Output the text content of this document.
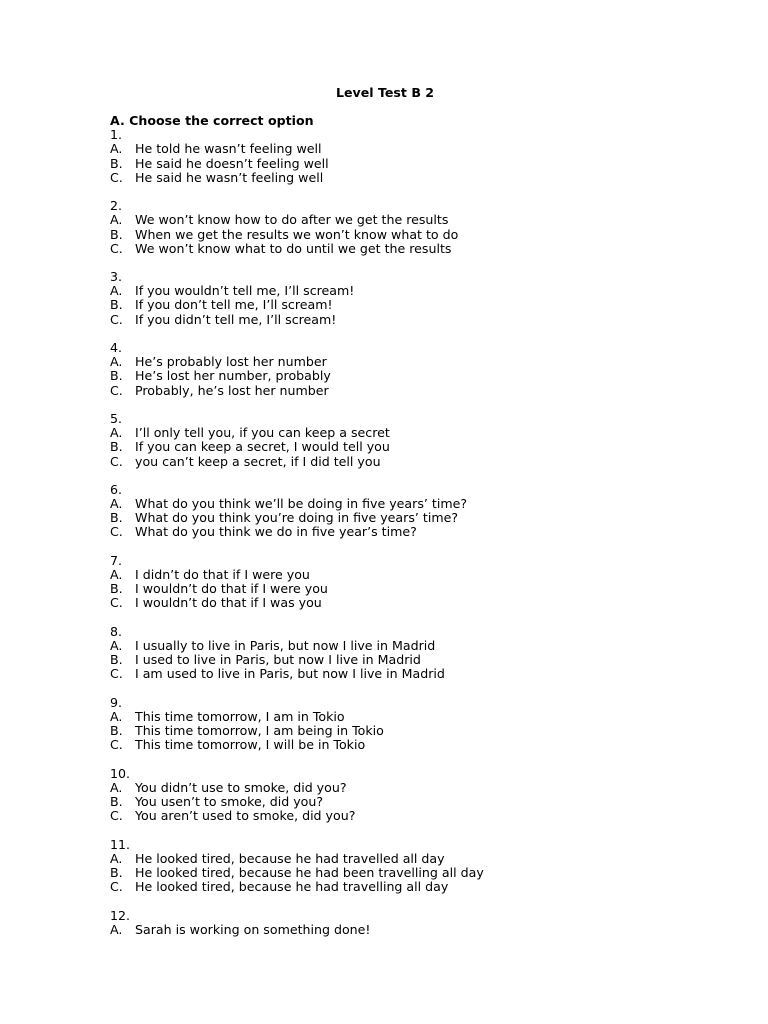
Level Test B 2
A. Choose the correct option
1.
A. He told he wasn’t feeling well
B. He said he doesn’t feeling well
C. He said he wasn’t feeling well
2.
A. We won’t know how to do after we get the results
B. When we get the results we won’t know what to do
C. We won’t know what to do until we get the results
3.
A. If you wouldn’t tell me, I’ll scream!
B. If you don’t tell me, I’ll scream!
C. If you didn’t tell me, I’ll scream!
4.
A. He’s probably lost her number
B. He’s lost her number, probably
C. Probably, he’s lost her number
5.
A. I’ll only tell you, if you can keep a secret
B. If you can keep a secret, I would tell you
C. you can’t keep a secret, if I did tell you
6.
A. What do you think we’ll be doing in five years’ time?
B. What do you think you’re doing in five years’ time?
C. What do you think we do in five year’s time?
7.
A. I didn’t do that if I were you
B. I wouldn’t do that if I were you
C. I wouldn’t do that if I was you
8.
A. I usually to live in Paris, but now I live in Madrid
B. I used to live in Paris, but now I live in Madrid
C. I am used to live in Paris, but now I live in Madrid
9.
A. This time tomorrow, I am in Tokio
B. This time tomorrow, I am being in Tokio
C. This time tomorrow, I will be in Tokio
10.
A. You didn’t use to smoke, did you?
B. You usen’t to smoke, did you?
C. You aren’t used to smoke, did you?
11.
A. He looked tired, because he had travelled all day
B. He looked tired, because he had been travelling all day
C. He looked tired, because he had travelling all day
12.
A. Sarah is working on something done!
